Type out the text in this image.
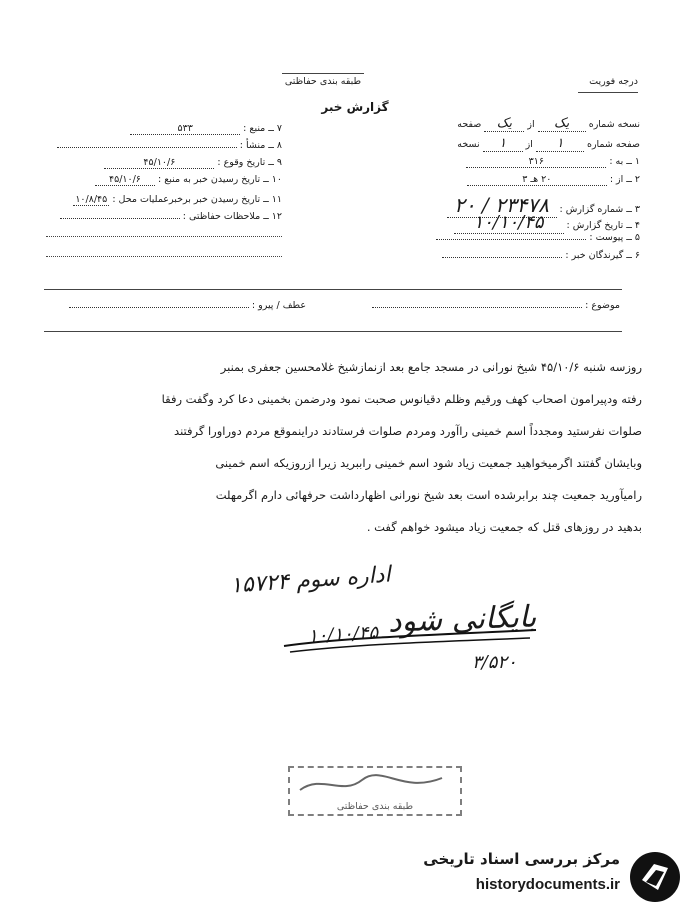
طبقه بندی حفاظتی
گزارش خبر
درجه فوریت
۷ ــ منبع : ۵۳۳
۸ ــ منشأ :
۹ ــ تاریخ وقوع : ۴۵/۱۰/۶
۱۰ ــ تاریخ رسیدن خبر به منبع : ۴۵/۱۰/۶
۱۱ ــ تاریخ رسیدن خبر برخبرعملیات محل : ۱۰/۸/۴۵
۱۲ ــ ملاحظات حفاظتی :
نسخه شماره یک از یک صفحه
صفحه شماره ۱ از ۱ نسخه
۱ ــ به : ۳۱۶
۲ ــ از : ۲۰ هـ ۳
۳ ــ شماره گزارش : ۲۳۴۷۸ / ۲۰
۴ ــ تاریخ گزارش : ۱۰/۱۰/۴۵
۵ ــ پیوست :
۶ ــ گیرندگان خبر :
موضوع :
عطف / پیرو :
روزسه شنبه ۴۵/۱۰/۶ شیخ نورانی در مسجد جامع بعد ازنمازشیخ غلامحسین جعفری بمنبر
رفته ودپیرامون اصحاب کهف ورقیم وظلم دقیانوس صحبت نمود ودرضمن بخمینی دعا کرد وگفت رفقا
صلوات نفرستید ومجدداً اسم خمینی راآورد ومردم صلوات فرستادند دراینموقع مردم دوراورا گرفتند
وبایشان گفتند اگرمیخواهید جمعیت زیاد شود اسم خمینی راببرید زیرا ازروزیکه اسم خمینی
رامیآورید جمعیت چند برابرشده است بعد شیخ نورانی اظهارداشت حرفهائی دارم اگرمهلت
بدهید در روزهای قتل که جمعیت زیاد میشود خواهم گفت .
اداره سوم ۱۵۷۲۴
بایگانی شود
۱۰/۱۰/۴۵
۳/۵۲۰
طبقه بندی حفاظتی
مرکز بررسی اسناد تاریخی
historydocuments.ir
